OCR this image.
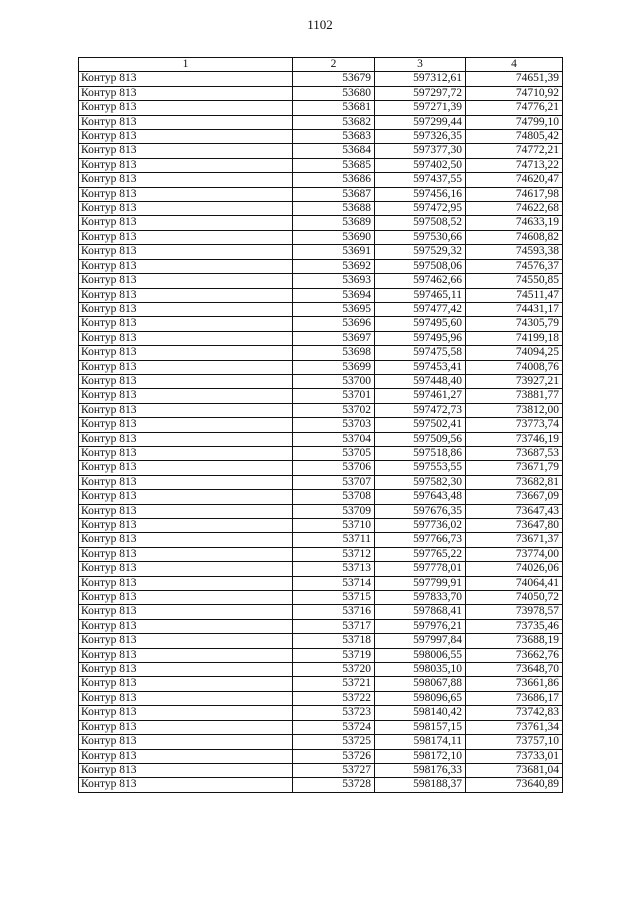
1102
1	2	3	4
Контур 813	53679	597312,61	74651,39
Контур 813	53680	597297,72	74710,92
Контур 813	53681	597271,39	74776,21
Контур 813	53682	597299,44	74799,10
Контур 813	53683	597326,35	74805,42
Контур 813	53684	597377,30	74772,21
Контур 813	53685	597402,50	74713,22
Контур 813	53686	597437,55	74620,47
Контур 813	53687	597456,16	74617,98
Контур 813	53688	597472,95	74622,68
Контур 813	53689	597508,52	74633,19
Контур 813	53690	597530,66	74608,82
Контур 813	53691	597529,32	74593,38
Контур 813	53692	597508,06	74576,37
Контур 813	53693	597462,66	74550,85
Контур 813	53694	597465,11	74511,47
Контур 813	53695	597477,42	74431,17
Контур 813	53696	597495,60	74305,79
Контур 813	53697	597495,96	74199,18
Контур 813	53698	597475,58	74094,25
Контур 813	53699	597453,41	74008,76
Контур 813	53700	597448,40	73927,21
Контур 813	53701	597461,27	73881,77
Контур 813	53702	597472,73	73812,00
Контур 813	53703	597502,41	73773,74
Контур 813	53704	597509,56	73746,19
Контур 813	53705	597518,86	73687,53
Контур 813	53706	597553,55	73671,79
Контур 813	53707	597582,30	73682,81
Контур 813	53708	597643,48	73667,09
Контур 813	53709	597676,35	73647,43
Контур 813	53710	597736,02	73647,80
Контур 813	53711	597766,73	73671,37
Контур 813	53712	597765,22	73774,00
Контур 813	53713	597778,01	74026,06
Контур 813	53714	597799,91	74064,41
Контур 813	53715	597833,70	74050,72
Контур 813	53716	597868,41	73978,57
Контур 813	53717	597976,21	73735,46
Контур 813	53718	597997,84	73688,19
Контур 813	53719	598006,55	73662,76
Контур 813	53720	598035,10	73648,70
Контур 813	53721	598067,88	73661,86
Контур 813	53722	598096,65	73686,17
Контур 813	53723	598140,42	73742,83
Контур 813	53724	598157,15	73761,34
Контур 813	53725	598174,11	73757,10
Контур 813	53726	598172,10	73733,01
Контур 813	53727	598176,33	73681,04
Контур 813	53728	598188,37	73640,89
